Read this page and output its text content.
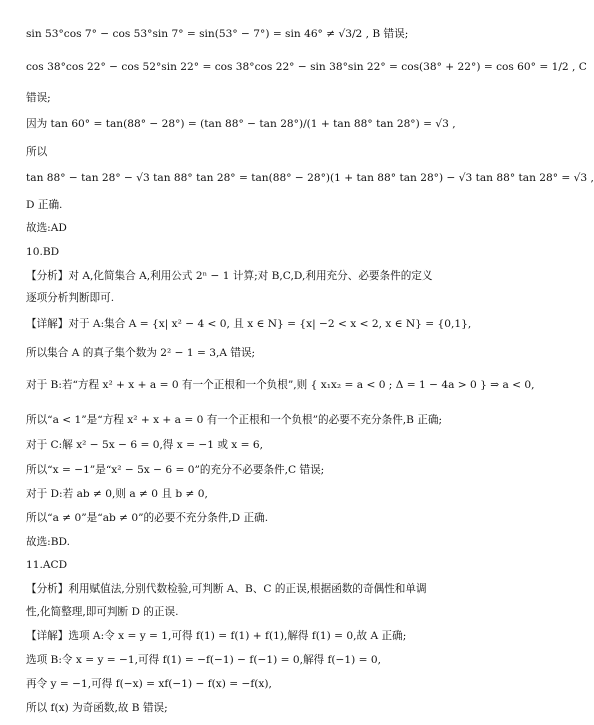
sin 53°cos 7° − cos 53°sin 7° = sin(53° − 7°) = sin 46° ≠ √3/2 , B 错误;
cos 38°cos 22° − cos 52°sin 22° = cos 38°cos 22° − sin 38°sin 22° = cos(38° + 22°) = cos 60° = 1/2 , C
错误;
因为 tan 60° = tan(88° − 28°) = (tan 88° − tan 28°)/(1 + tan 88° tan 28°) = √3 ,
所以
tan 88° − tan 28° − √3 tan 88° tan 28° = tan(88° − 28°)(1 + tan 88° tan 28°) − √3 tan 88° tan 28° = √3 ,
D 正确.
故选:AD
10.BD
【分析】对 A,化简集合 A,利用公式 2ⁿ − 1 计算;对 B,C,D,利用充分、必要条件的定义
逐项分析判断即可.
【详解】对于 A:集合 A = {x| x² − 4 < 0, 且 x ∈ N} = {x| −2 < x < 2, x ∈ N} = {0,1},
所以集合 A 的真子集个数为 2² − 1 = 3,A 错误;
对于 B:若“方程 x² + x + a = 0 有一个正根和一个负根”,则 { x₁x₂ = a < 0 ; Δ = 1 − 4a > 0 } ⇒ a < 0,
所以“a < 1”是“方程 x² + x + a = 0 有一个正根和一个负根”的必要不充分条件,B 正确;
对于 C:解 x² − 5x − 6 = 0,得 x = −1 或 x = 6,
所以“x = −1”是“x² − 5x − 6 = 0”的充分不必要条件,C 错误;
对于 D:若 ab ≠ 0,则 a ≠ 0 且 b ≠ 0,
所以“a ≠ 0”是“ab ≠ 0”的必要不充分条件,D 正确.
故选:BD.
11.ACD
【分析】利用赋值法,分别代数检验,可判断 A、B、C 的正误,根据函数的奇偶性和单调
性,化简整理,即可判断 D 的正误.
【详解】选项 A:令 x = y = 1,可得 f(1) = f(1) + f(1),解得 f(1) = 0,故 A 正确;
选项 B:令 x = y = −1,可得 f(1) = −f(−1) − f(−1) = 0,解得 f(−1) = 0,
再令 y = −1,可得 f(−x) = xf(−1) − f(x) = −f(x),
所以 f(x) 为奇函数,故 B 错误;
